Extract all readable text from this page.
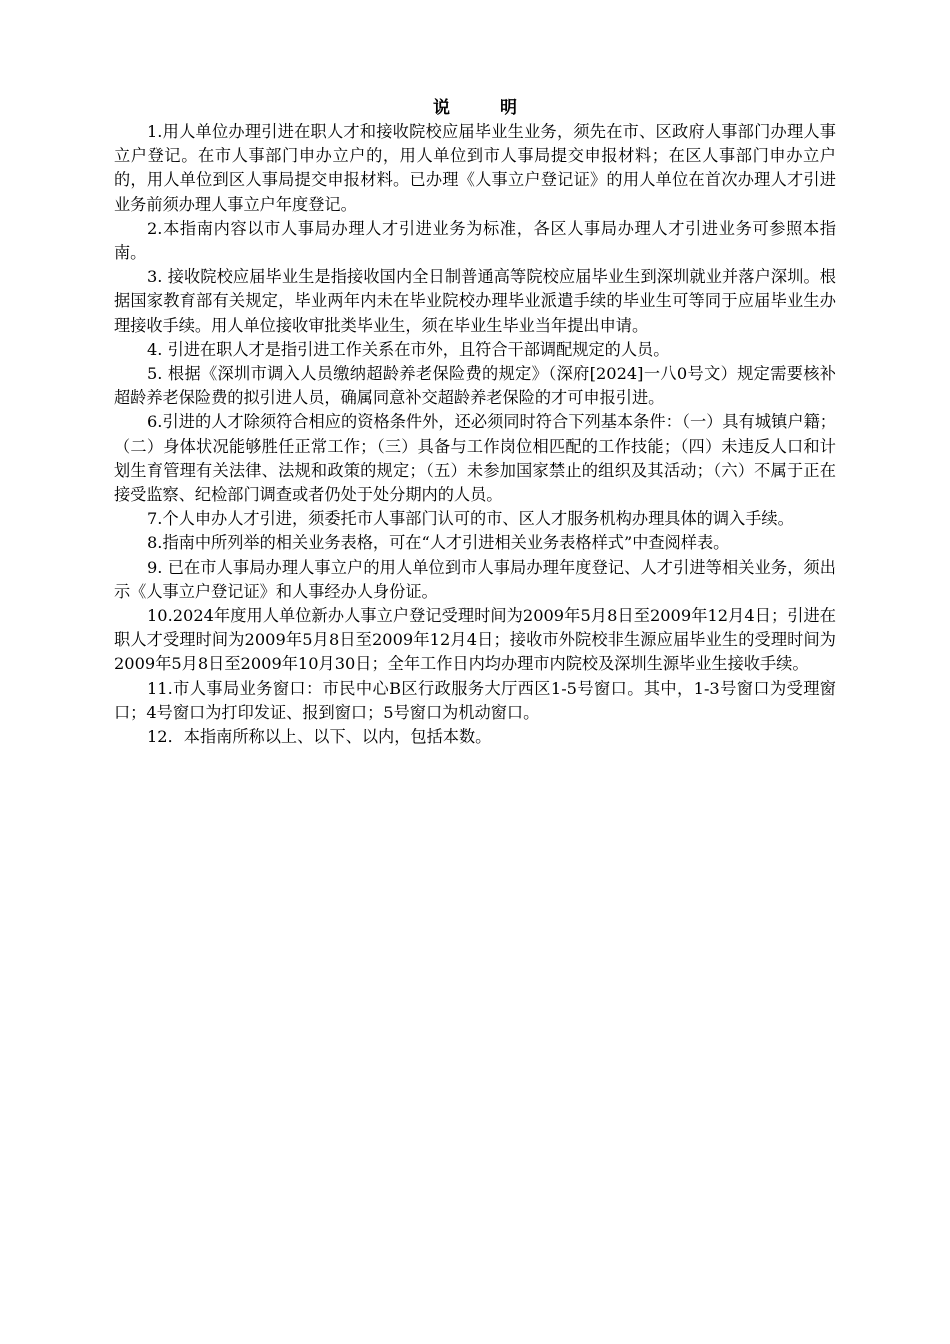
说 明

1.用人单位办理引进在职人才和接收院校应届毕业生业务，须先在市、区政府人事部门办理人事立户登记。在市人事部门申办立户的，用人单位到市人事局提交申报材料；在区人事部门申办立户的，用人单位到区人事局提交申报材料。已办理《人事立户登记证》的用人单位在首次办理人才引进业务前须办理人事立户年度登记。

2.本指南内容以市人事局办理人才引进业务为标准，各区人事局办理人才引进业务可参照本指南。

3. 接收院校应届毕业生是指接收国内全日制普通高等院校应届毕业生到深圳就业并落户深圳。根据国家教育部有关规定，毕业两年内未在毕业院校办理毕业派遣手续的毕业生可等同于应届毕业生办理接收手续。用人单位接收审批类毕业生，须在毕业生毕业当年提出申请。

4. 引进在职人才是指引进工作关系在市外，且符合干部调配规定的人员。

5. 根据《深圳市调入人员缴纳超龄养老保险费的规定》（深府[2024]一八0号文）规定需要核补超龄养老保险费的拟引进人员，确属同意补交超龄养老保险的才可申报引进。

6.引进的人才除须符合相应的资格条件外，还必须同时符合下列基本条件：（一）具有城镇户籍；（二）身体状况能够胜任正常工作；（三）具备与工作岗位相匹配的工作技能；（四）未违反人口和计划生育管理有关法律、法规和政策的规定；（五）未参加国家禁止的组织及其活动；（六）不属于正在接受监察、纪检部门调查或者仍处于处分期内的人员。

7.个人申办人才引进，须委托市人事部门认可的市、区人才服务机构办理具体的调入手续。

8.指南中所列举的相关业务表格，可在“人才引进相关业务表格样式”中查阅样表。

9. 已在市人事局办理人事立户的用人单位到市人事局办理年度登记、人才引进等相关业务，须出示《人事立户登记证》和人事经办人身份证。

10.2024年度用人单位新办人事立户登记受理时间为2009年5月8日至2009年12月4日；引进在职人才受理时间为2009年5月8日至2009年12月4日；接收市外院校非生源应届毕业生的受理时间为2009年5月8日至2009年10月30日；全年工作日内均办理市内院校及深圳生源毕业生接收手续。

11.市人事局业务窗口：市民中心B区行政服务大厅西区1-5号窗口。其中，1-3号窗口为受理窗口；4号窗口为打印发证、报到窗口；5号窗口为机动窗口。

12．本指南所称以上、以下、以内，包括本数。
